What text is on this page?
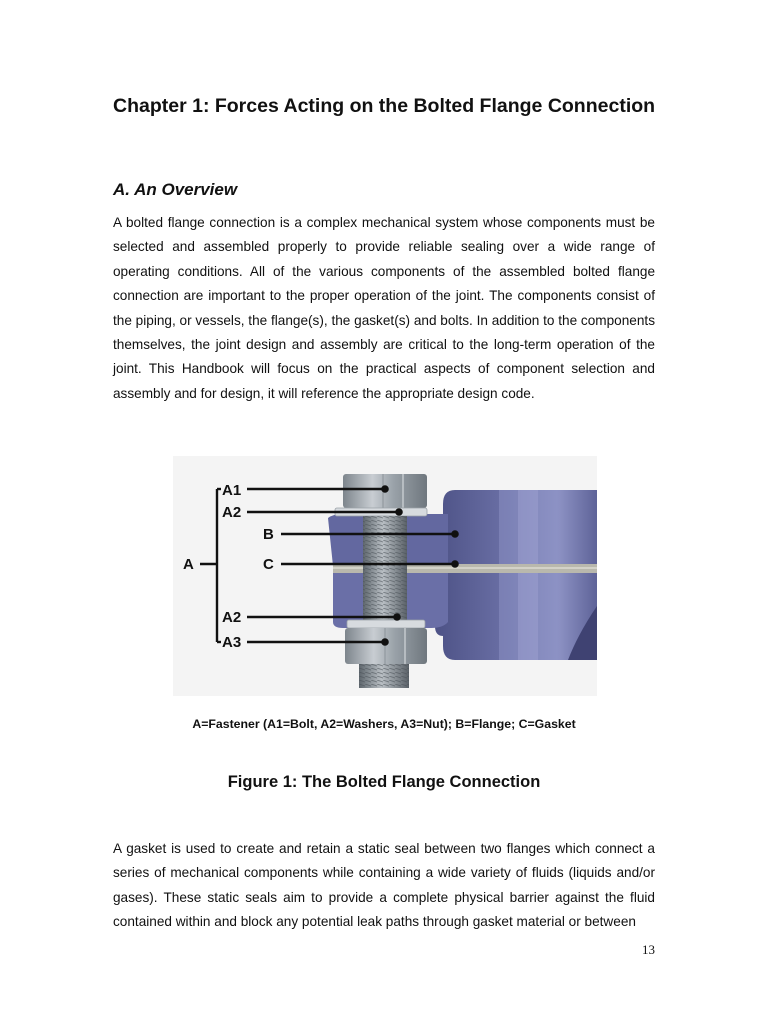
Chapter 1: Forces Acting on the Bolted Flange Connection
A. An Overview

A bolted flange connection is a complex mechanical system whose components must be selected and assembled properly to provide reliable sealing over a wide range of operating conditions. All of the various components of the assembled bolted flange connection are important to the proper operation of the joint. The components consist of the piping, or vessels, the flange(s), the gasket(s) and bolts. In addition to the components themselves, the joint design and assembly are critical to the long-term operation of the joint. This Handbook will focus on the practical aspects of component selection and assembly and for design, it will reference the appropriate design code.

A1
A2
B
C
A
A2
A3

A=Fastener (A1=Bolt, A2=Washers, A3=Nut); B=Flange; C=Gasket

Figure 1: The Bolted Flange Connection

A gasket is used to create and retain a static seal between two flanges which connect a series of mechanical components while containing a wide variety of fluids (liquids and/or gases). These static seals aim to provide a complete physical barrier against the fluid contained within and block any potential leak paths through gasket material or between

13
